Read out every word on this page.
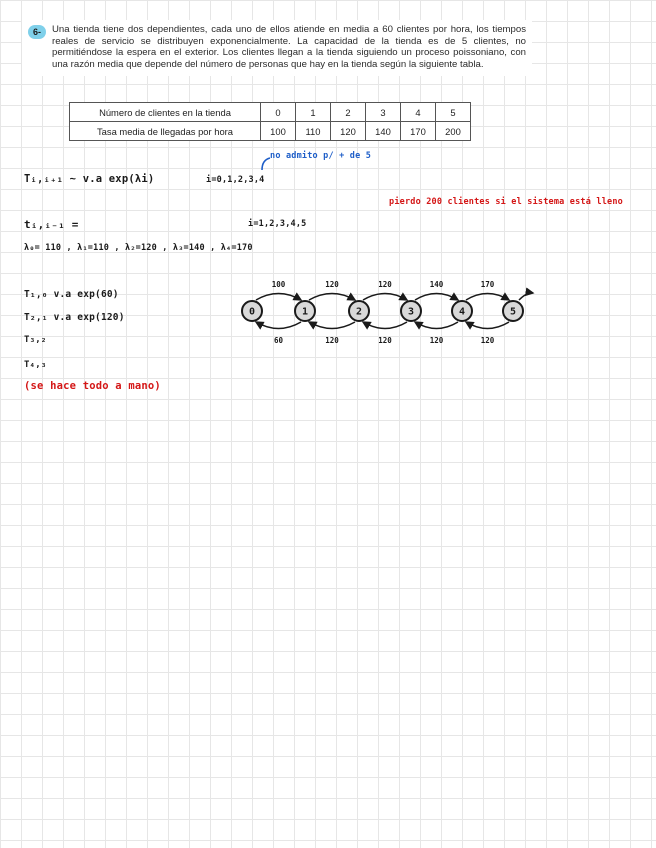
6-	Una tienda tiene dos dependientes, cada uno de ellos atiende en media a 60 clientes por hora, los tiempos reales de servicio se distribuyen exponencialmente. La capacidad de la tienda es de 5 clientes, no permitiéndose la espera en el exterior. Los clientes llegan a la tienda siguiendo un proceso poissoniano, con una razón media que depende del número de personas que hay en la tienda según la siguiente tabla.
Número de clientes en la tienda	0	1	2	3	4	5
Tasa media de llegadas por hora	100	110	120	140	170	200
Tᵢ,ᵢ₊₁ ~ v.a exp(λi)	i=0,1,2,3,4
no admito p/ + de 5
pierdo 200 clientes si el sistema está lleno
tᵢ,ᵢ₋₁ =	i=1,2,3,4,5
λ₀= 110 , λ₁=110 , λ₂=120 , λ₃=140 , λ₄=170
T₁,₀ v.a exp(60)
T₂,₁ v.a exp(120)
T₃,₂
T₄,₃
(se hace todo a mano)
0	1	2	3	4	5
100
60
120
120
120
120
140
120
170
120
